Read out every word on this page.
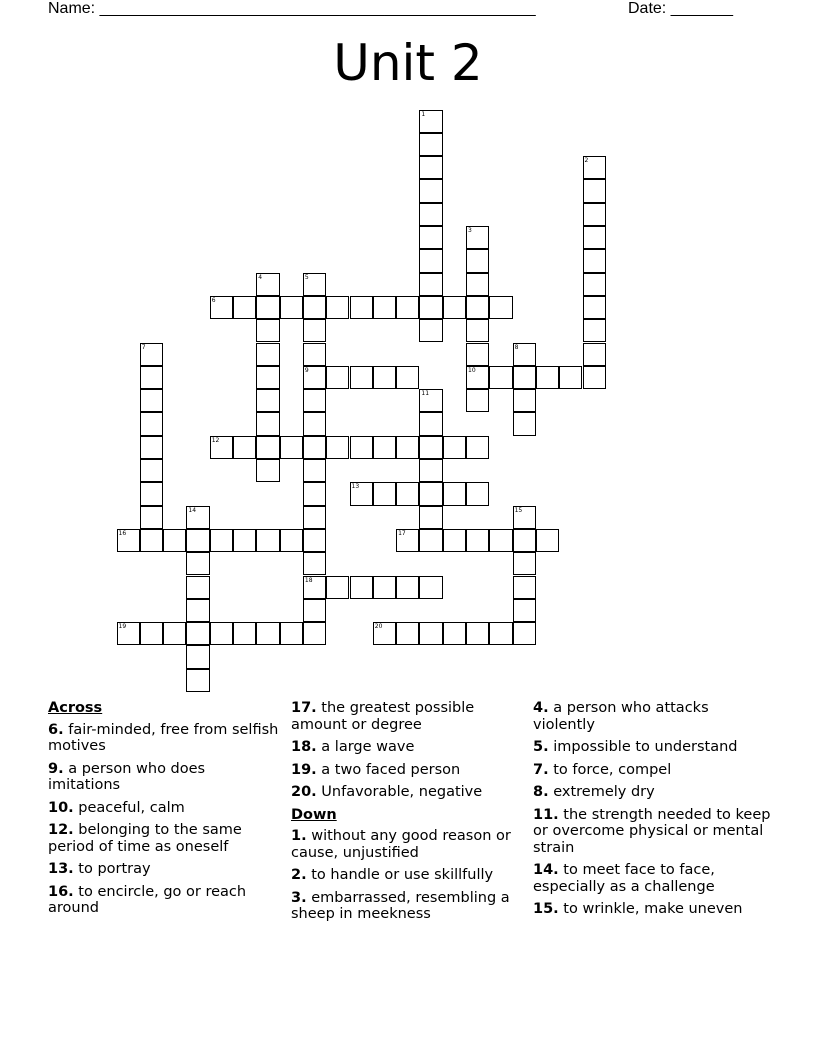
Name: _________________________________________________	Date: _______
Unit 2
1
2
3
10
4	5
9
18
6
7	8
11
12
13
14	15
16	17
19	20
Across
6. fair-minded, free from selfish motives
9. a person who does imitations
10. peaceful, calm
12. belonging to the same period of time as oneself
13. to portray
16. to encircle, go or reach around
17. the greatest possible amount or degree
18. a large wave
19. a two faced person
20. Unfavorable, negative
Down
1. without any good reason or cause, unjustified
2. to handle or use skillfully
3. embarrassed, resembling a sheep in meekness
4. a person who attacks violently
5. impossible to understand
7. to force, compel
8. extremely dry
11. the strength needed to keep or overcome physical or mental strain
14. to meet face to face, especially as a challenge
15. to wrinkle, make uneven
